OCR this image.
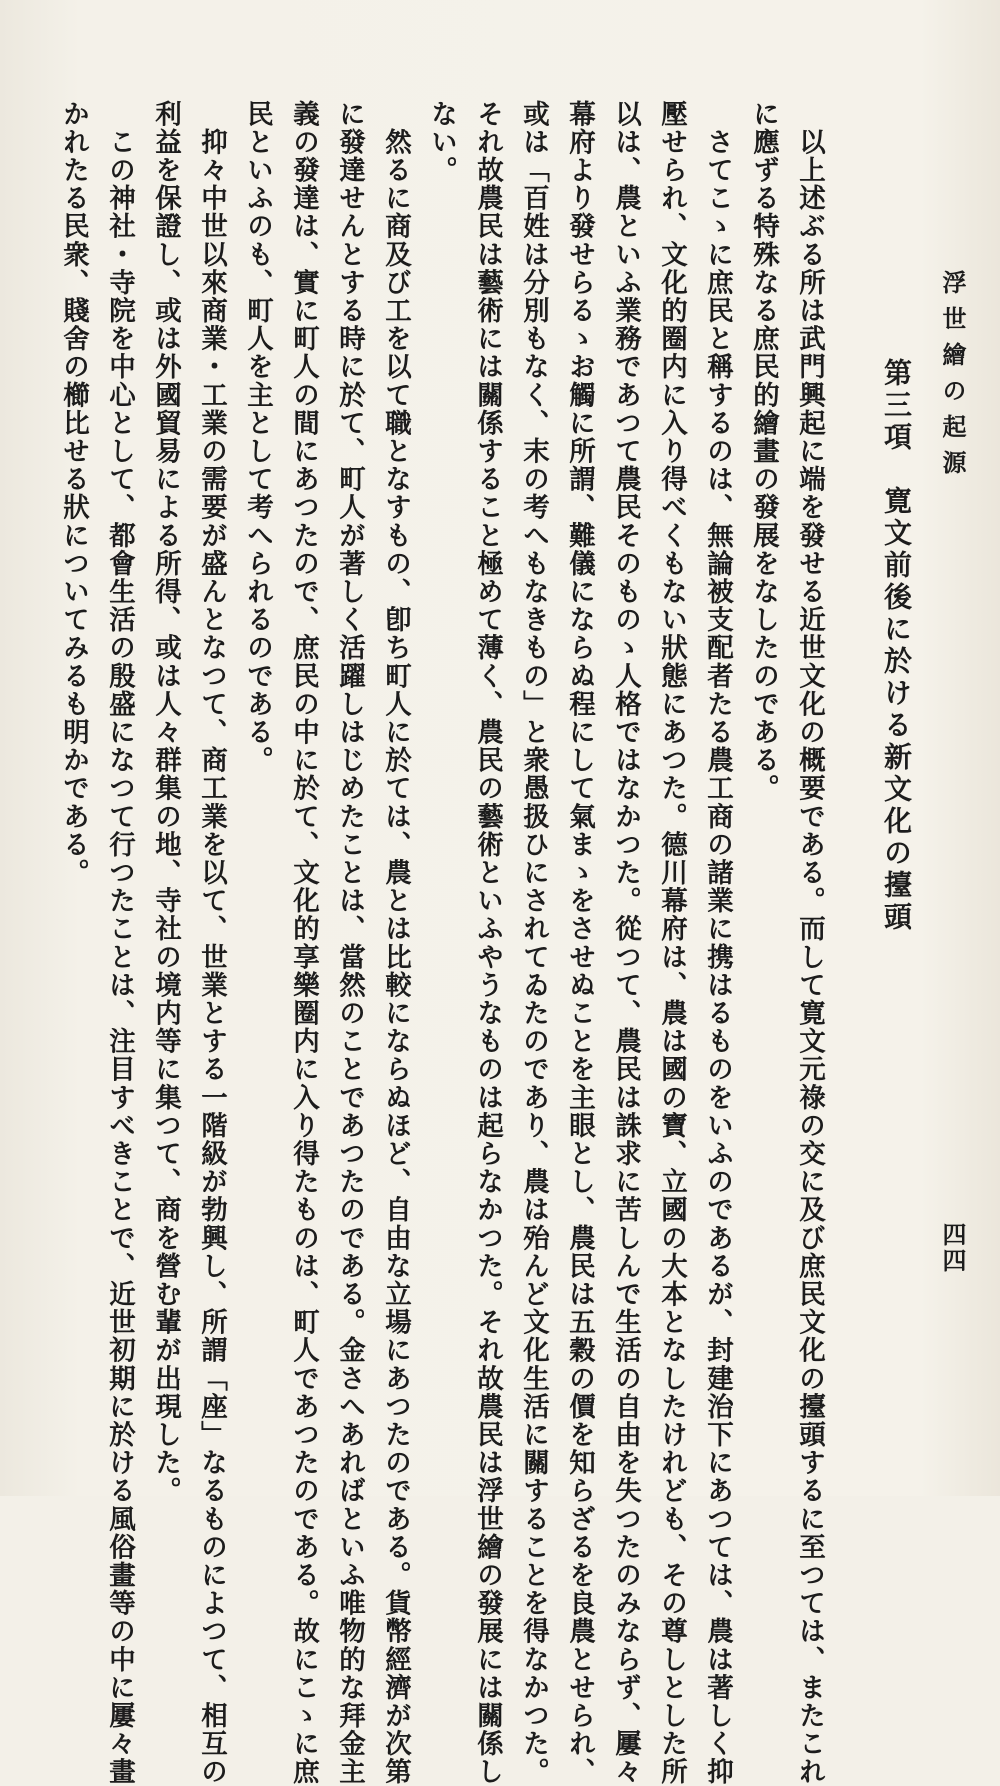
浮世繪の起源
四四
第三項　寛文前後に於ける新文化の擡頭

　以上述ぶる所は武門興起に端を發せる近世文化の概要である。而して寛文元祿の交に及び庶民文化の擡頭するに至つては、またこれ

に應ずる特殊なる庶民的繪畫の發展をなしたのである。

　さてこゝに庶民と稱するのは、無論被支配者たる農工商の諸業に携はるものをいふのであるが、封建治下にあつては、農は著しく抑

壓せられ、文化的圈内に入り得べくもない狀態にあつた。德川幕府は、農は國の寶、立國の大本となしたけれども、その尊しとした所

以は、農といふ業務であつて農民そのものゝ人格ではなかつた。從つて、農民は誅求に苦しんで生活の自由を失つたのみならず、屢々

幕府より發せらるゝお觸に所謂、難儀にならぬ程にして氣まゝをさせぬことを主眼とし、農民は五穀の價を知らざるを良農とせられ、

或は「百姓は分別もなく、末の考へもなきもの」と衆愚扱ひにされてゐたのであり、農は殆んど文化生活に關することを得なかつた。

それ故農民は藝術には關係すること極めて薄く、農民の藝術といふやうなものは起らなかつた。それ故農民は浮世繪の發展には關係し

ない。

　然るに商及び工を以て職となすもの、卽ち町人に於ては、農とは比較にならぬほど、自由な立場にあつたのである。貨幣經濟が次第

に發達せんとする時に於て、町人が著しく活躍しはじめたことは、當然のことであつたのである。金さへあればといふ唯物的な拜金主

義の發達は、實に町人の間にあつたので、庶民の中に於て、文化的享樂圈内に入り得たものは、町人であつたのである。故にこゝに庶

民といふのも、町人を主として考へられるのである。

　抑々中世以來商業・工業の需要が盛んとなつて、商工業を以て、世業とする一階級が勃興し、所謂「座」なるものによつて、相互の

利益を保證し、或は外國貿易による所得、或は人々群集の地、寺社の境内等に集つて、商を營む輩が出現した。

　この神社・寺院を中心として、都會生活の殷盛になつて行つたことは、注目すべきことで、近世初期に於ける風俗畫等の中に屢々畫

かれたる民衆、賤舍の櫛比せる狀についてみるも明かである。
